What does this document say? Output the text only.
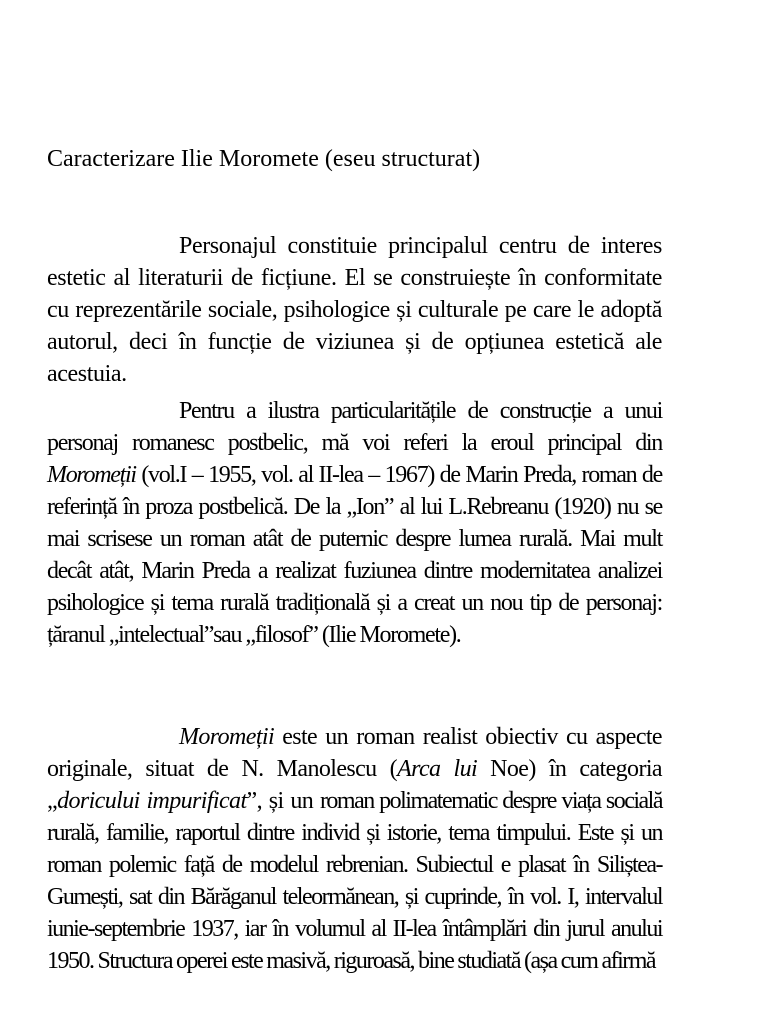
Caracterizare Ilie Moromete (eseu structurat)

Personajul constituie principalul centru de interes estetic al literaturii de ficțiune. El se construiește în conformitate cu reprezentările sociale, psihologice și culturale pe care le adoptă autorul, deci în funcție de viziunea și de opțiunea estetică ale acestuia.

Pentru a ilustra particularitățile de construcție a unui personaj romanesc postbelic, mă voi referi la eroul principal din Moromeții (vol.I – 1955, vol. al II-lea – 1967) de Marin Preda, roman de referință în proza postbelică. De la „Ion” al lui L.Rebreanu (1920) nu se mai scrisese un roman atât de puternic despre lumea rurală. Mai mult decât atât, Marin Preda a realizat fuziunea dintre modernitatea analizei psihologice și tema rurală tradițională și a creat un nou tip de personaj: țăranul „intelectual”sau „filosof” (Ilie Moromete).

Moromeții este un roman realist obiectiv cu aspecte originale, situat de N. Manolescu (Arca lui Noe) în categoria „doricului impurificat”, și un roman polimatematic despre viața socială rurală, familie, raportul dintre individ și istorie, tema timpului. Este și un roman polemic față de modelul rebrenian. Subiectul e plasat în Siliștea-Gumești, sat din Bărăganul teleormănean, și cuprinde, în vol. I, intervalul iunie-septembrie 1937, iar în volumul al II-lea întâmplări din jurul anului 1950. Structura operei este masivă, riguroasă, bine studiată (așa cum afirmă
